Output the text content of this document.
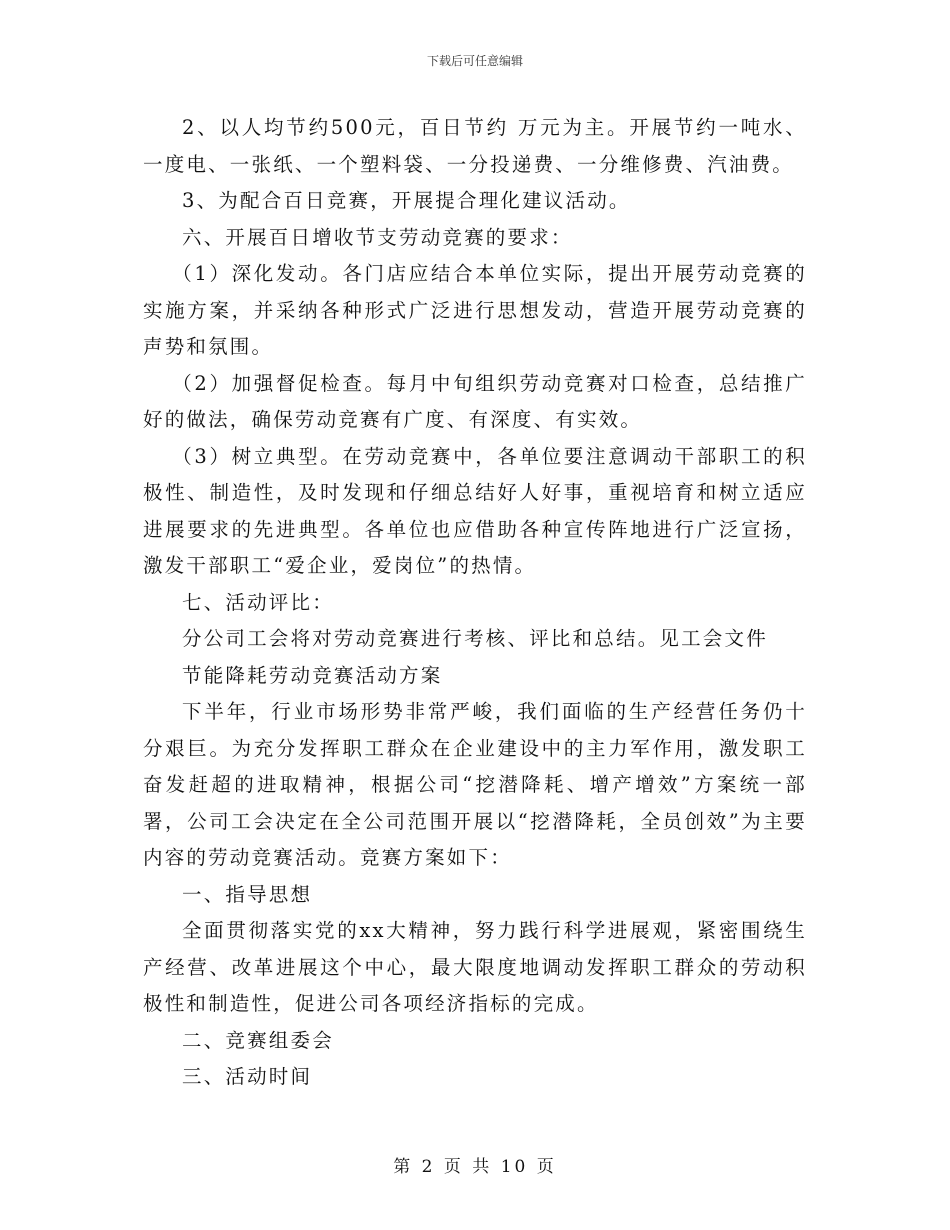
下载后可任意编辑

2、以人均节约500元，百日节约 万元为主。开展节约一吨水、一度电、一张纸、一个塑料袋、一分投递费、一分维修费、汽油费。

3、为配合百日竞赛，开展提合理化建议活动。

六、开展百日增收节支劳动竞赛的要求：

（1）深化发动。各门店应结合本单位实际，提出开展劳动竞赛的实施方案，并采纳各种形式广泛进行思想发动，营造开展劳动竞赛的声势和氛围。

（2）加强督促检查。每月中旬组织劳动竞赛对口检查，总结推广好的做法，确保劳动竞赛有广度、有深度、有实效。

（3）树立典型。在劳动竞赛中，各单位要注意调动干部职工的积极性、制造性，及时发现和仔细总结好人好事，重视培育和树立适应进展要求的先进典型。各单位也应借助各种宣传阵地进行广泛宣扬，激发干部职工“爱企业，爱岗位”的热情。

七、活动评比：

分公司工会将对劳动竞赛进行考核、评比和总结。见工会文件

节能降耗劳动竞赛活动方案

下半年，行业市场形势非常严峻，我们面临的生产经营任务仍十分艰巨。为充分发挥职工群众在企业建设中的主力军作用，激发职工奋发赶超的进取精神，根据公司“挖潜降耗、增产增效”方案统一部署，公司工会决定在全公司范围开展以“挖潜降耗，全员创效”为主要内容的劳动竞赛活动。竞赛方案如下：

一、指导思想

全面贯彻落实党的xx大精神，努力践行科学进展观，紧密围绕生产经营、改革进展这个中心，最大限度地调动发挥职工群众的劳动积极性和制造性，促进公司各项经济指标的完成。

二、竞赛组委会

三、活动时间

第 2 页 共 10 页
